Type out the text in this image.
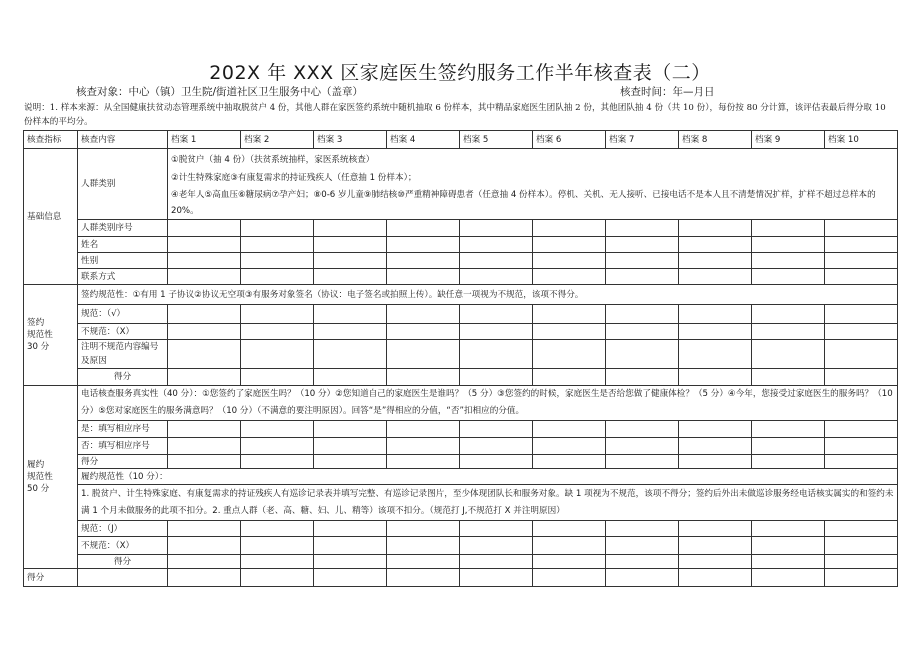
202X 年 XXX 区家庭医生签约服务工作半年核查表（二）
核查对象：中心（镇）卫生院/街道社区卫生服务中心（盖章）	核查时间：年—月日
说明：1. 样本来源：从全国健康扶贫动态管理系统中抽取脱贫户 4 份，其他人群在家医签约系统中随机抽取 6 份样本，其中精品家庭医生团队抽 2 份，其他团队抽 4 份（共 10 份），每份按 80 分计算，该评估表最后得分取 10 份样本的平均分。
核查指标	核查内容	档案 1	档案 2	档案 3	档案 4	档案 5	档案 6	档案 7	档案 8	档案 9	档案 10
基础信息	人群类别	①脱贫户（抽 4 份）（扶贫系统抽样，家医系统核查）
②计生特殊家庭③有康复需求的持证残疾人（任意抽 1 份样本）；
④老年人⑤高血压⑥糖尿病⑦孕产妇；⑧0-6 岁儿童⑨肺结核⑩严重精神障碍患者（任意抽 4 份样本）。停机、关机、无人接听、已接电话不是本人且不清楚情况扩样，扩样不超过总样本的 20%。									

	人群类别序号										
	姓名										
	性别										
	联系方式										
签约
规范性
30 分	签约规范性：①有用 1 子协议②协议无空项③有服务对象签名（协议：电子签名或拍照上传）。缺任意一项视为不规范，该项不得分。										
	规范：（√）										
	不规范：（X）										
	注明不规范内容编号及原因										
	得分										
履约
规范性
50 分	电话核查服务真实性（40 分）：①您签约了家庭医生吗？（10 分）②您知道自己的家庭医生是谁吗？（5 分）③您签约的时候，家庭医生是否给您做了健康体检？（5 分）④今年，您接受过家庭医生的服务吗？（10 分）⑤您对家庭医生的服务满意吗？（10 分）（不满意的要注明原因）。回答“是”得相应的分值，“否”扣相应的分值。										
	是：填写相应序号										
	否：填写相应序号										
	得分										
	履约规范性（10 分）：										
	1. 脱贫户、计生特殊家庭、有康复需求的持证残疾人有巡诊记录表并填写完整、有巡诊记录图片，至少体现团队长和服务对象。缺 1 项视为不规范，该项不得分；签约后外出未做巡诊服务经电话核实属实的和签约未满 1 个月未做服务的此项不扣分。2. 重点人群（老、高、糖、妇、儿、精等）该项不扣分。（规范打 J,不规范打 X 并注明原因）										
	规范：（J）										
	不规范：（X）										
	得分										
得分											
